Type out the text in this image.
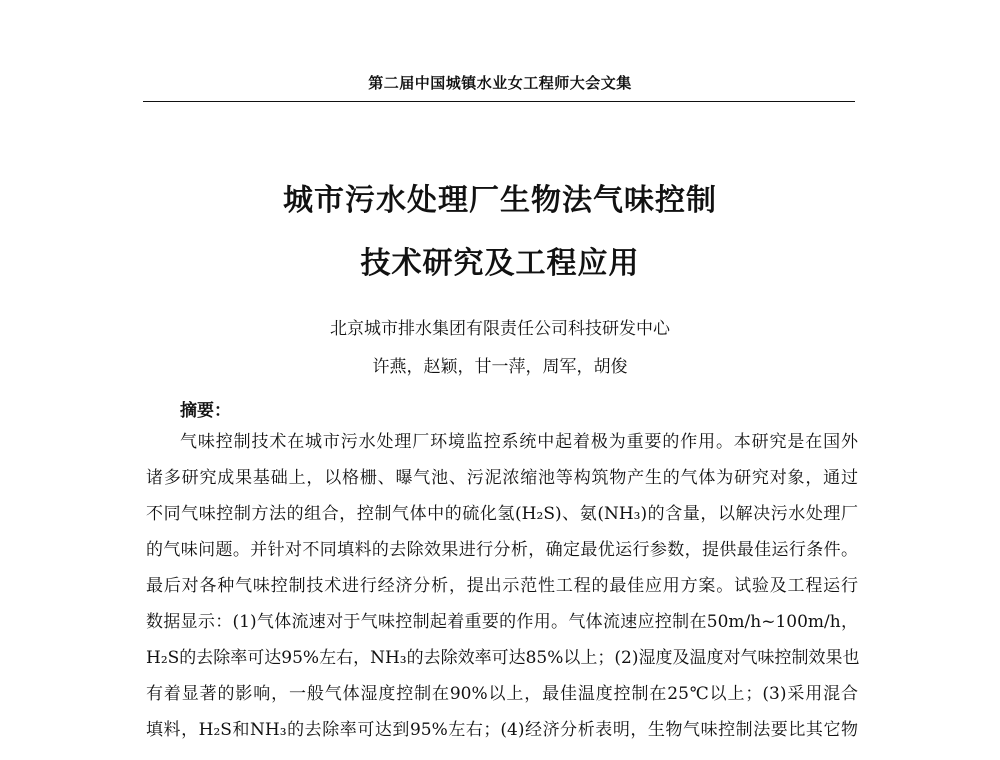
第二届中国城镇水业女工程师大会文集
城市污水处理厂生物法气味控制
技术研究及工程应用
北京城市排水集团有限责任公司科技研发中心
许燕，赵颖，甘一萍，周军，胡俊
摘要：
气味控制技术在城市污水处理厂环境监控系统中起着极为重要的作用。本研究是在国外
诸多研究成果基础上，以格栅、曝气池、污泥浓缩池等构筑物产生的气体为研究对象，通过
不同气味控制方法的组合，控制气体中的硫化氢(H₂S)、氨(NH₃)的含量，以解决污水处理厂
的气味问题。并针对不同填料的去除效果进行分析，确定最优运行参数，提供最佳运行条件。
最后对各种气味控制技术进行经济分析，提出示范性工程的最佳应用方案。试验及工程运行
数据显示：(1)气体流速对于气味控制起着重要的作用。气体流速应控制在50m/h~100m/h，
H₂S的去除率可达95%左右，NH₃的去除效率可达85%以上；(2)湿度及温度对气味控制效果也
有着显著的影响，一般气体湿度控制在90%以上，最佳温度控制在25℃以上；(3)采用混合
填料，H₂S和NH₃的去除率可达到95%左右；(4)经济分析表明，生物气味控制法要比其它物
